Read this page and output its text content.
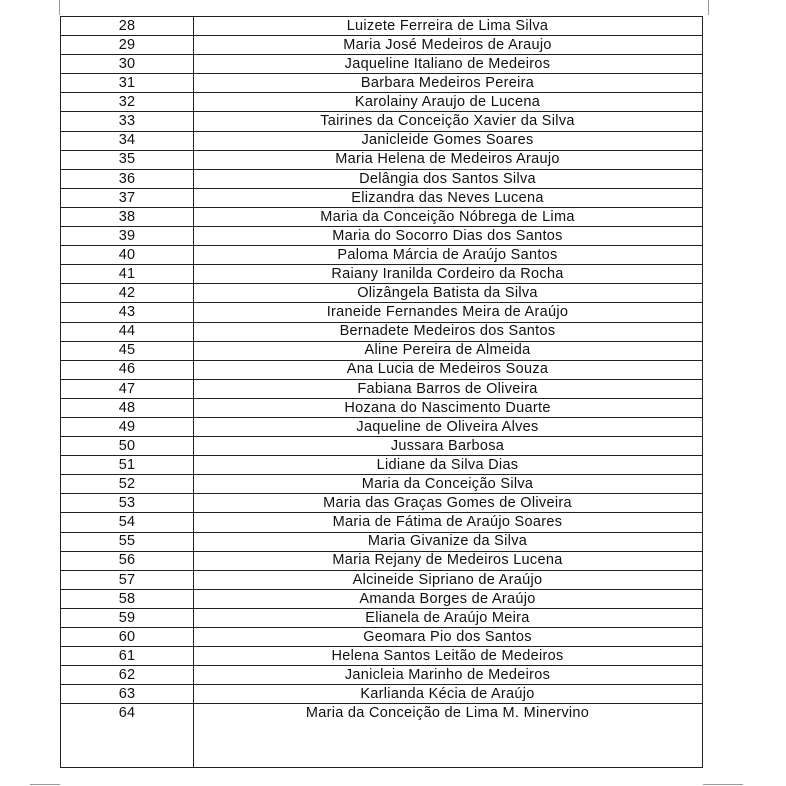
28	Luizete Ferreira de Lima Silva
29	Maria José Medeiros de Araujo
30	Jaqueline Italiano de Medeiros
31	Barbara Medeiros Pereira
32	Karolainy Araujo de Lucena
33	Tairines da Conceição Xavier da Silva
34	Janicleide Gomes Soares
35	Maria Helena de Medeiros Araujo
36	Delângia dos Santos Silva
37	Elizandra das Neves Lucena
38	Maria da Conceição Nóbrega de Lima
39	Maria do Socorro Dias dos Santos
40	Paloma Márcia de Araújo Santos
41	Raiany Iranilda Cordeiro da Rocha
42	Olizângela Batista da Silva
43	Iraneide Fernandes Meira de Araújo
44	Bernadete Medeiros dos Santos
45	Aline Pereira de Almeida
46	Ana Lucia de Medeiros Souza
47	Fabiana Barros de Oliveira
48	Hozana do Nascimento Duarte
49	Jaqueline de Oliveira Alves
50	Jussara Barbosa
51	Lidiane da Silva Dias
52	Maria da Conceição Silva
53	Maria das Graças Gomes de Oliveira
54	Maria de Fátima de Araújo Soares
55	Maria Givanize da Silva
56	Maria Rejany de Medeiros Lucena
57	Alcineide Sipriano de Araújo
58	Amanda Borges de Araújo
59	Elianela de Araújo Meira
60	Geomara Pio dos Santos
61	Helena Santos Leitão de Medeiros
62	Janicleia Marinho de Medeiros
63	Karlianda Kécia de Araújo
64	Maria da Conceição de Lima M. Minervino
